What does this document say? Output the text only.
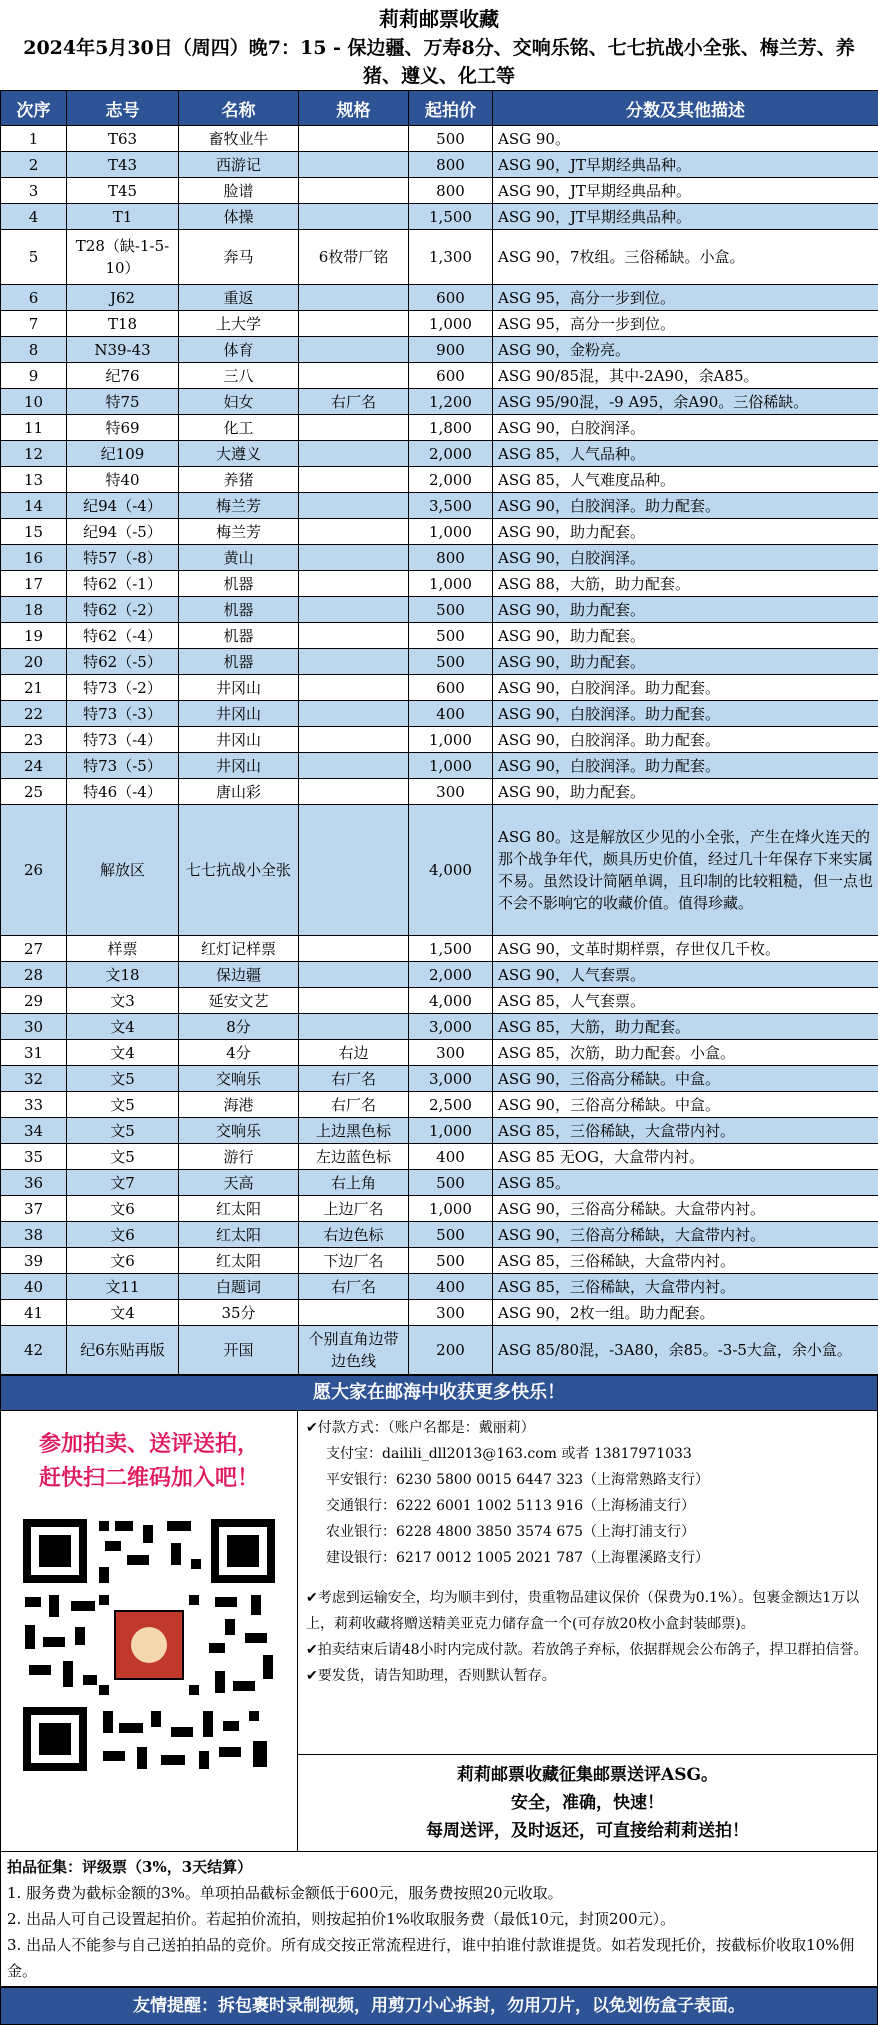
莉莉邮票收藏
2024年5月30日（周四）晚7：15 - 保边疆、万寿8分、交响乐铭、七七抗战小全张、梅兰芳、养猪、遵义、化工等
次序	志号	名称	规格	起拍价	分数及其他描述
1	T63	畜牧业牛		500	ASG 90。
2	T43	西游记		800	ASG 90，JT早期经典品种。
3	T45	脸谱		800	ASG 90，JT早期经典品种。
4	T1	体操		1,500	ASG 90，JT早期经典品种。
5	T28（缺-1-5-10）	奔马	6枚带厂铭	1,300	ASG 90，7枚组。三俗稀缺。小盒。
6	J62	重返		600	ASG 95，高分一步到位。
7	T18	上大学		1,000	ASG 95，高分一步到位。
8	N39-43	体育		900	ASG 90，金粉亮。
9	纪76	三八		600	ASG 90/85混，其中-2A90，余A85。
10	特75	妇女	右厂名	1,200	ASG 95/90混，-9 A95，余A90。三俗稀缺。
11	特69	化工		1,800	ASG 90，白胶润泽。
12	纪109	大遵义		2,000	ASG 85，人气品种。
13	特40	养猪		2,000	ASG 85，人气难度品种。
14	纪94（-4）	梅兰芳		3,500	ASG 90，白胶润泽。助力配套。
15	纪94（-5）	梅兰芳		1,000	ASG 90，助力配套。
16	特57（-8）	黄山		800	ASG 90，白胶润泽。
17	特62（-1）	机器		1,000	ASG 88，大筋，助力配套。
18	特62（-2）	机器		500	ASG 90，助力配套。
19	特62（-4）	机器		500	ASG 90，助力配套。
20	特62（-5）	机器		500	ASG 90，助力配套。
21	特73（-2）	井冈山		600	ASG 90，白胶润泽。助力配套。
22	特73（-3）	井冈山		400	ASG 90，白胶润泽。助力配套。
23	特73（-4）	井冈山		1,000	ASG 90，白胶润泽。助力配套。
24	特73（-5）	井冈山		1,000	ASG 90，白胶润泽。助力配套。
25	特46（-4）	唐山彩		300	ASG 90，助力配套。
26	解放区	七七抗战小全张		4,000	ASG 80。这是解放区少见的小全张，产生在烽火连天的那个战争年代，颇具历史价值，经过几十年保存下来实属不易。虽然设计简陋单调，且印制的比较粗糙，但一点也不会不影响它的收藏价值。值得珍藏。
27	样票	红灯记样票		1,500	ASG 90，文革时期样票，存世仅几千枚。
28	文18	保边疆		2,000	ASG 90，人气套票。
29	文3	延安文艺		4,000	ASG 85，人气套票。
30	文4	8分		3,000	ASG 85，大筋，助力配套。
31	文4	4分	右边	300	ASG 85，次筋，助力配套。小盒。
32	文5	交响乐	右厂名	3,000	ASG 90，三俗高分稀缺。中盒。
33	文5	海港	右厂名	2,500	ASG 90，三俗高分稀缺。中盒。
34	文5	交响乐	上边黑色标	1,000	ASG 85，三俗稀缺，大盒带内衬。
35	文5	游行	左边蓝色标	400	ASG 85 无OG，大盒带内衬。
36	文7	天高	右上角	500	ASG 85。
37	文6	红太阳	上边厂名	1,000	ASG 90，三俗高分稀缺。大盒带内衬。
38	文6	红太阳	右边色标	500	ASG 90，三俗高分稀缺，大盒带内衬。
39	文6	红太阳	下边厂名	500	ASG 85，三俗稀缺，大盒带内衬。
40	文11	白题词	右厂名	400	ASG 85，三俗稀缺，大盒带内衬。
41	文4	35分		300	ASG 90，2枚一组。助力配套。
42	纪6东贴再版	开国	个别直角边带边色线	200	ASG 85/80混，-3A80，余85。-3-5大盒，余小盒。
愿大家在邮海中收获更多快乐！
参加拍卖、送评送拍，
赶快扫二维码加入吧！
✔付款方式：（账户名都是：戴丽莉）
支付宝：dailili_dll2013@163.com 或者 13817971033
平安银行：6230 5800 0015 6447 323（上海常熟路支行）
交通银行：6222 6001 1002 5113 916（上海杨浦支行）
农业银行：6228 4800 3850 3574 675（上海打浦支行）
建设银行：6217 0012 1005 2021 787（上海瞿溪路支行）
✔考虑到运输安全，均为顺丰到付，贵重物品建议保价（保费为0.1%）。包裹金额达1万以上，莉莉收藏将赠送精美亚克力储存盒一个(可存放20枚小盒封装邮票)。
✔拍卖结束后请48小时内完成付款。若放鸽子弃标，依据群规会公布鸽子，捍卫群拍信誉。
✔要发货，请告知助理，否则默认暂存。
莉莉邮票收藏征集邮票送评ASG。
安全，准确，快速！
每周送评，及时返还，可直接给莉莉送拍！
拍品征集：评级票（3%，3天结算）
1. 服务费为截标金额的3%。单项拍品截标金额低于600元，服务费按照20元收取。
2. 出品人可自己设置起拍价。若起拍价流拍，则按起拍价1%收取服务费（最低10元，封顶200元）。
3. 出品人不能参与自己送拍拍品的竞价。所有成交按正常流程进行，谁中拍谁付款谁提货。如若发现托价，按截标价收取10%佣金。
友情提醒：拆包裹时录制视频，用剪刀小心拆封，勿用刀片，以免划伤盒子表面。
